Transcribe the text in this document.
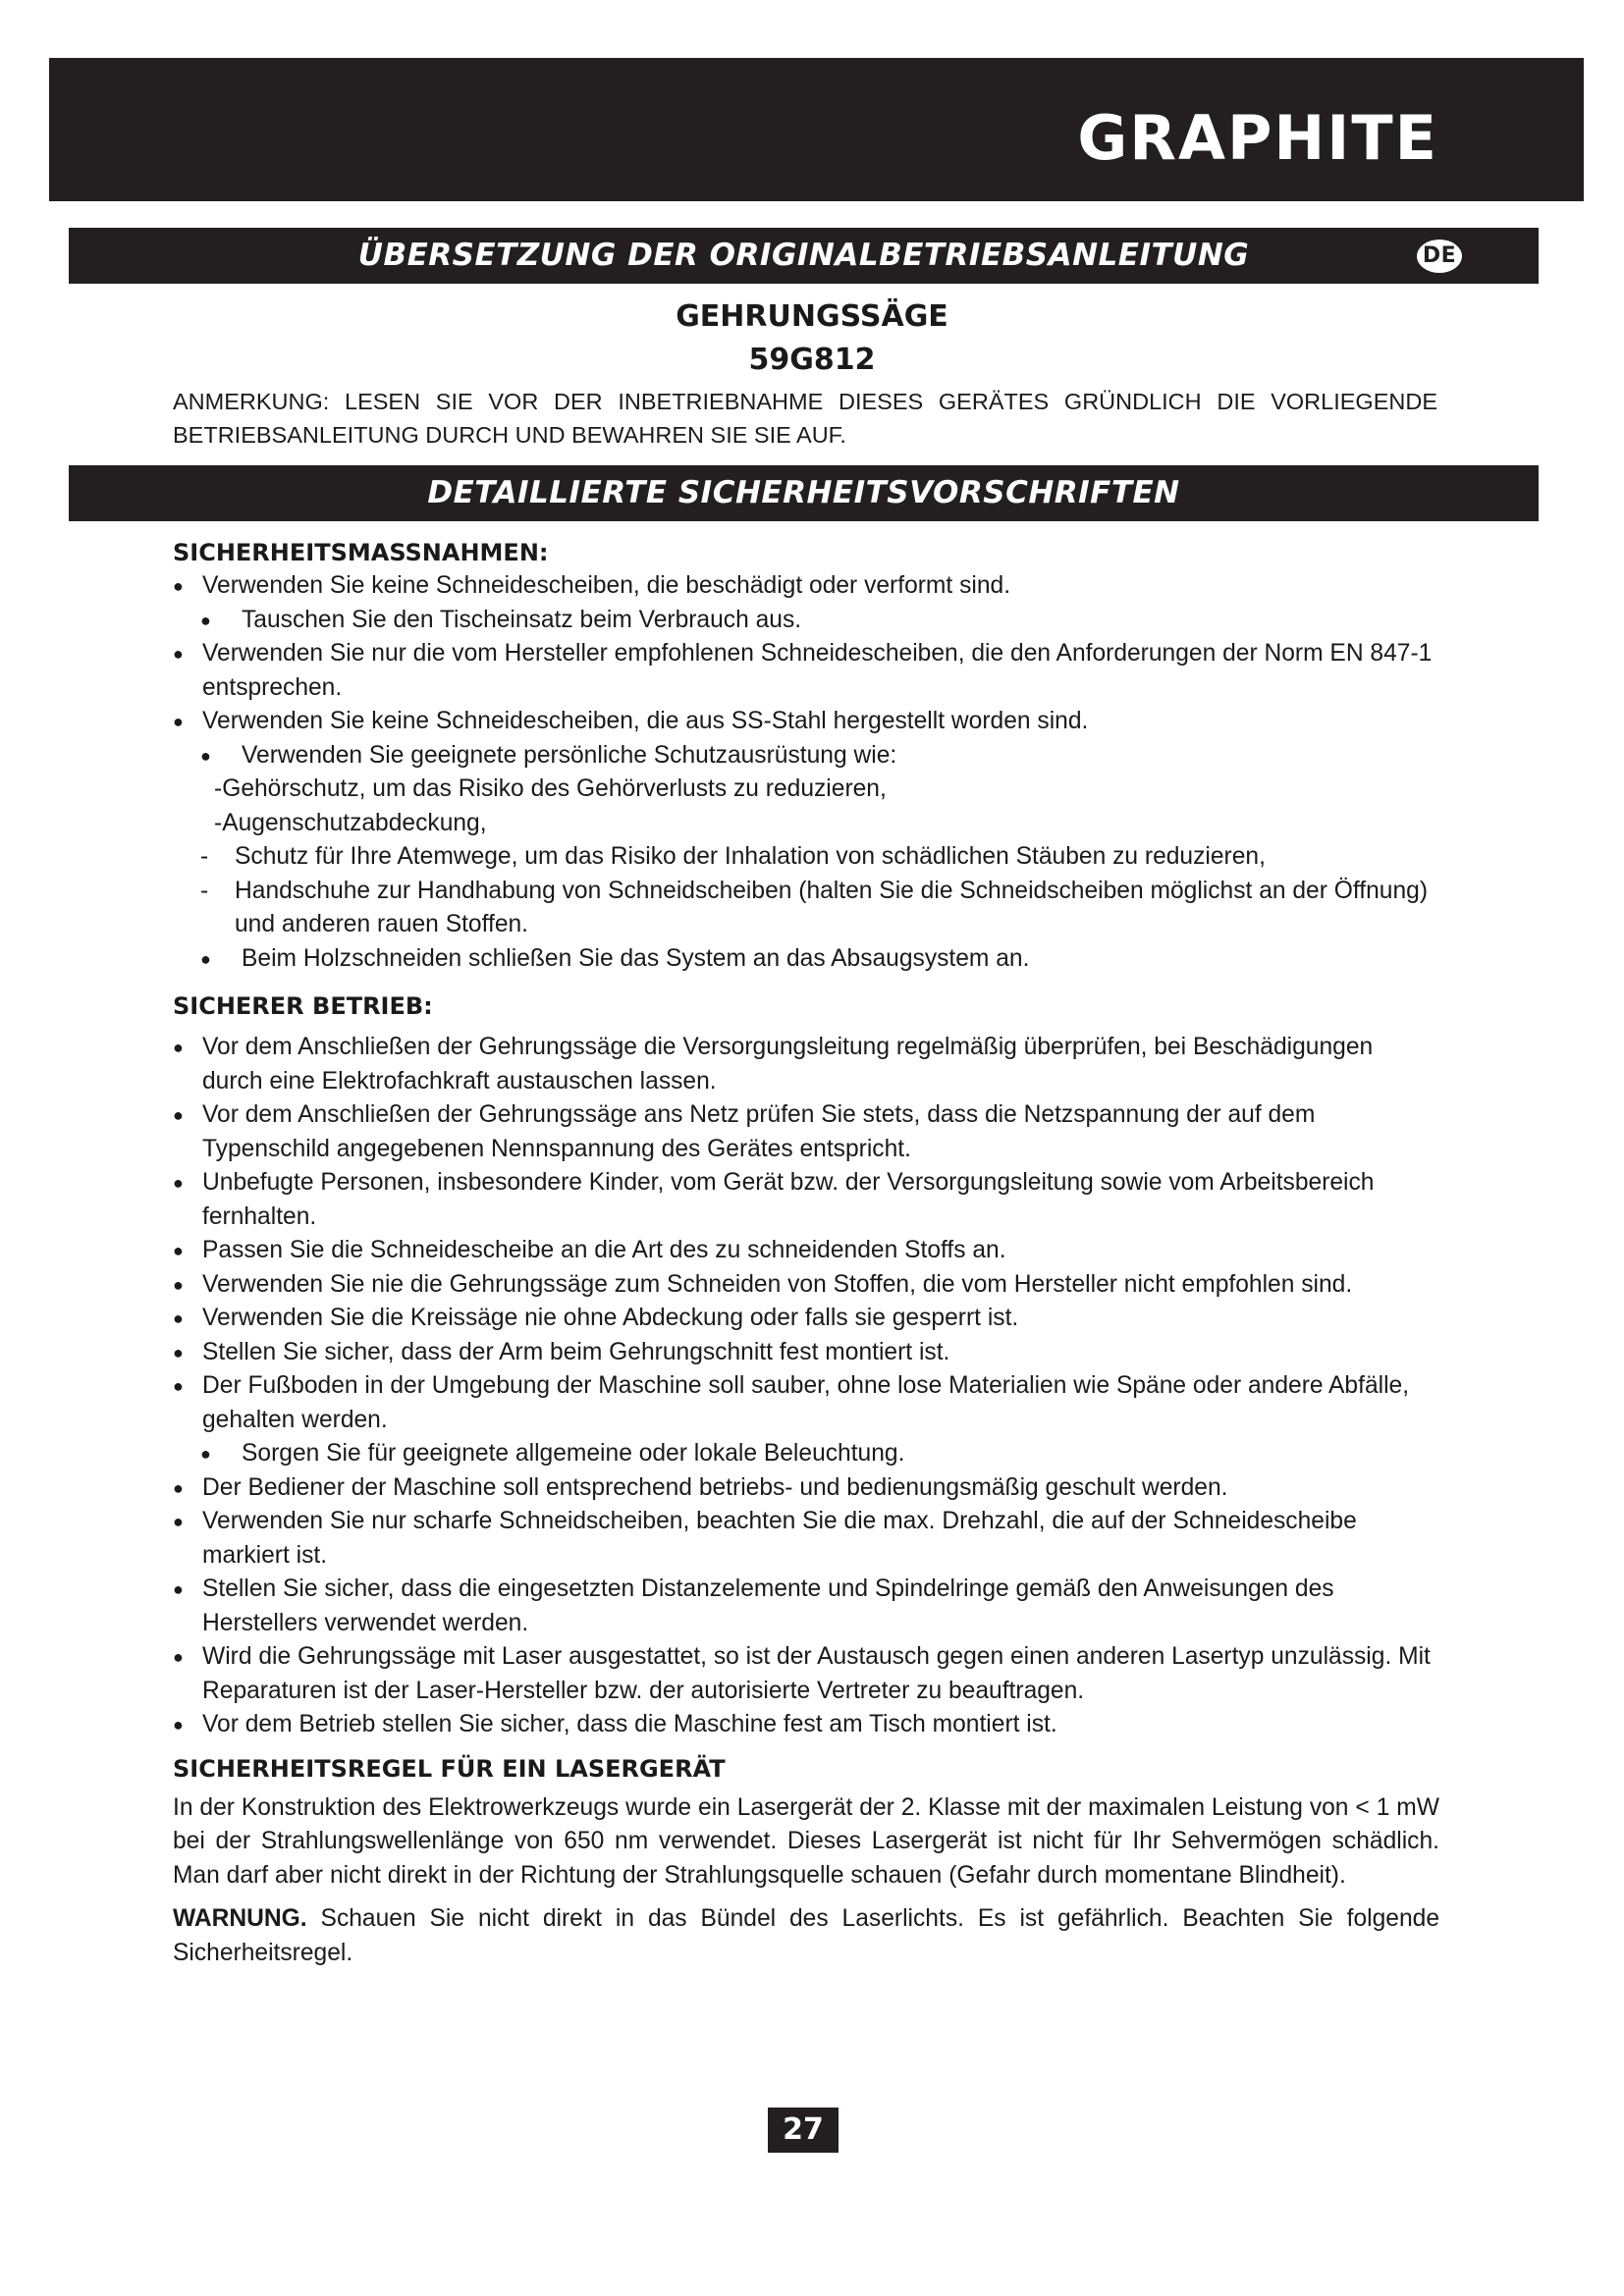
GRAPHITE
ÜBERSETZUNG DER ORIGINALBETRIEBSANLEITUNG	DE
GEHRUNGSSÄGE
59G812
ANMERKUNG: LESEN SIE VOR DER INBETRIEBNAHME DIESES GERÄTES GRÜNDLICH DIE VORLIEGENDE BETRIEBSANLEITUNG DURCH UND BEWAHREN SIE SIE AUF.
DETAILLIERTE SICHERHEITSVORSCHRIFTEN
SICHERHEITSMASSNAHMEN:
● Verwenden Sie keine Schneidescheiben, die beschädigt oder verformt sind.
● Tauschen Sie den Tischeinsatz beim Verbrauch aus.
● Verwenden Sie nur die vom Hersteller empfohlenen Schneidescheiben, die den Anforderungen der Norm EN 847-1 entsprechen.
● Verwenden Sie keine Schneidescheiben, die aus SS-Stahl hergestellt worden sind.
● Verwenden Sie geeignete persönliche Schutzausrüstung wie:
-Gehörschutz, um das Risiko des Gehörverlusts zu reduzieren,
-Augenschutzabdeckung,
- Schutz für Ihre Atemwege, um das Risiko der Inhalation von schädlichen Stäuben zu reduzieren,
- Handschuhe zur Handhabung von Schneidscheiben (halten Sie die Schneidscheiben möglichst an der Öffnung) und anderen rauen Stoffen.
● Beim Holzschneiden schließen Sie das System an das Absaugsystem an.
SICHERER BETRIEB:
● Vor dem Anschließen der Gehrungssäge die Versorgungsleitung regelmäßig überprüfen, bei Beschädigungen durch eine Elektrofachkraft austauschen lassen.
● Vor dem Anschließen der Gehrungssäge ans Netz prüfen Sie stets, dass die Netzspannung der auf dem Typenschild angegebenen Nennspannung des Gerätes entspricht.
● Unbefugte Personen, insbesondere Kinder, vom Gerät bzw. der Versorgungsleitung sowie vom Arbeitsbereich fernhalten.
● Passen Sie die Schneidescheibe an die Art des zu schneidenden Stoffs an.
● Verwenden Sie nie die Gehrungssäge zum Schneiden von Stoffen, die vom Hersteller nicht empfohlen sind.
● Verwenden Sie die Kreissäge nie ohne Abdeckung oder falls sie gesperrt ist.
● Stellen Sie sicher, dass der Arm beim Gehrungschnitt fest montiert ist.
● Der Fußboden in der Umgebung der Maschine soll sauber, ohne lose Materialien wie Späne oder andere Abfälle, gehalten werden.
● Sorgen Sie für geeignete allgemeine oder lokale Beleuchtung.
● Der Bediener der Maschine soll entsprechend betriebs- und bedienungsmäßig geschult werden.
● Verwenden Sie nur scharfe Schneidscheiben, beachten Sie die max. Drehzahl, die auf der Schneidescheibe markiert ist.
● Stellen Sie sicher, dass die eingesetzten Distanzelemente und Spindelringe gemäß den Anweisungen des Herstellers verwendet werden.
● Wird die Gehrungssäge mit Laser ausgestattet, so ist der Austausch gegen einen anderen Lasertyp unzulässig. Mit Reparaturen ist der Laser-Hersteller bzw. der autorisierte Vertreter zu beauftragen.
● Vor dem Betrieb stellen Sie sicher, dass die Maschine fest am Tisch montiert ist.
SICHERHEITSREGEL FÜR EIN LASERGERÄT

In der Konstruktion des Elektrowerkzeugs wurde ein Lasergerät der 2. Klasse mit der maximalen Leistung von < 1 mW bei der Strahlungswellenlänge von 650 nm verwendet. Dieses Lasergerät ist nicht für Ihr Sehvermögen schädlich. Man darf aber nicht direkt in der Richtung der Strahlungsquelle schauen (Gefahr durch momentane Blindheit).

WARNUNG. Schauen Sie nicht direkt in das Bündel des Laserlichts. Es ist gefährlich. Beachten Sie folgende Sicherheitsregel.

27
